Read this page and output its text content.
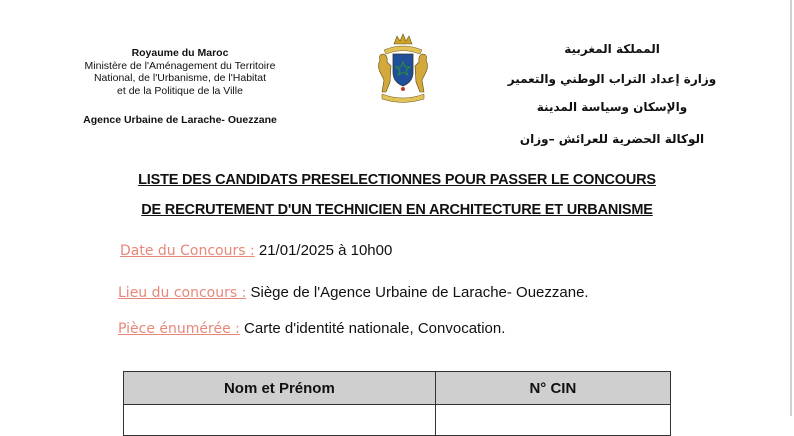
Royaume du Maroc
Ministère de l'Aménagement du Territoire
National, de l'Urbanisme, de l'Habitat
et de la Politique de la Ville
Agence Urbaine de Larache- Ouezzane
المملكة المغربية
وزارة إعداد التراب الوطني والتعمير
والإسكان وسياسة المدينة
الوكالة الحضرية للعرائش –وزان
LISTE DES CANDIDATS PRESELECTIONNES POUR PASSER LE CONCOURS
DE RECRUTEMENT D'UN TECHNICIEN EN ARCHITECTURE ET URBANISME
Date du Concours : 21/01/2025 à 10h00
Lieu du concours : Siège de l'Agence Urbaine de Larache- Ouezzane.
Pièce énumérée : Carte d'identité nationale, Convocation.
Nom et Prénom	N° CIN
